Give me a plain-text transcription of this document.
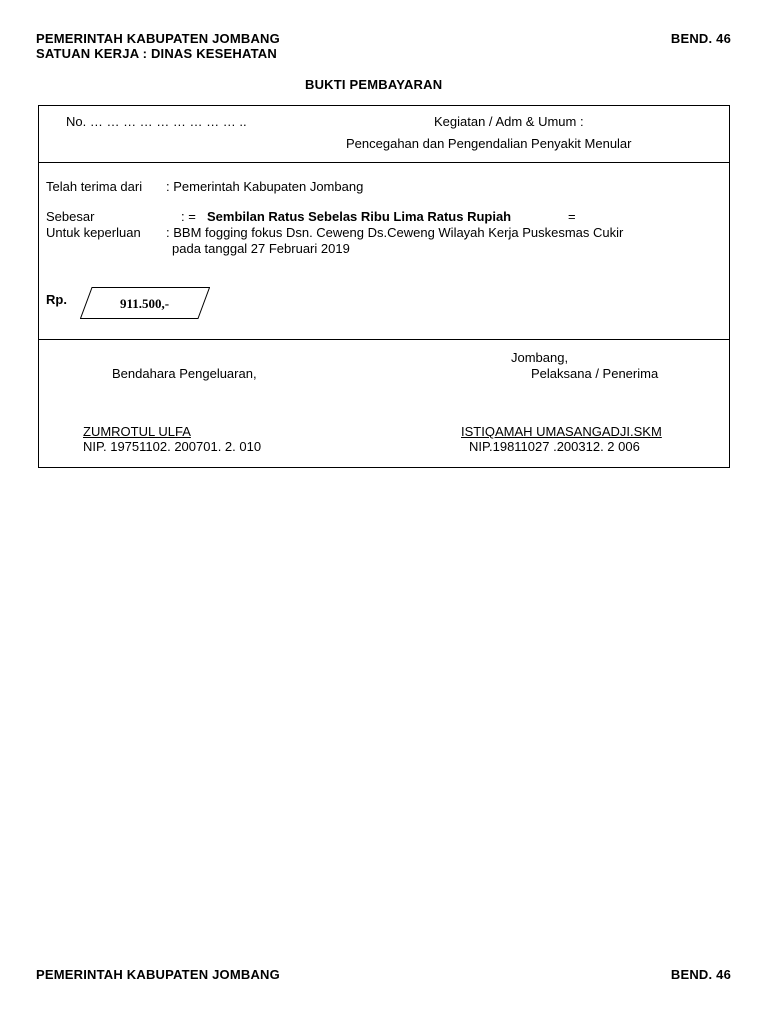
PEMERINTAH KABUPATEN JOMBANG
SATUAN KERJA : DINAS KESEHATAN
BEND. 46
BUKTI PEMBAYARAN
No. … … … … … … … … … ..	Kegiatan / Adm & Umum :
Pencegahan dan Pengendalian Penyakit Menular
Telah terima dari : Pemerintah Kabupaten Jombang
Sebesar	: = Sembilan Ratus Sebelas Ribu Lima Ratus Rupiah	=
Untuk keperluan : BBM fogging fokus Dsn. Ceweng Ds.Ceweng Wilayah Kerja Puskesmas Cukir
pada tanggal 27 Februari 2019
Rp.	911.500,-
Jombang,
Bendahara Pengeluaran,	Pelaksana / Penerima
ZUMROTUL ULFA
NIP. 19751102. 200701. 2. 010
ISTIQAMAH UMASANGADJI.SKM
NIP.19811027 .200312. 2 006
PEMERINTAH KABUPATEN JOMBANG	BEND. 46
